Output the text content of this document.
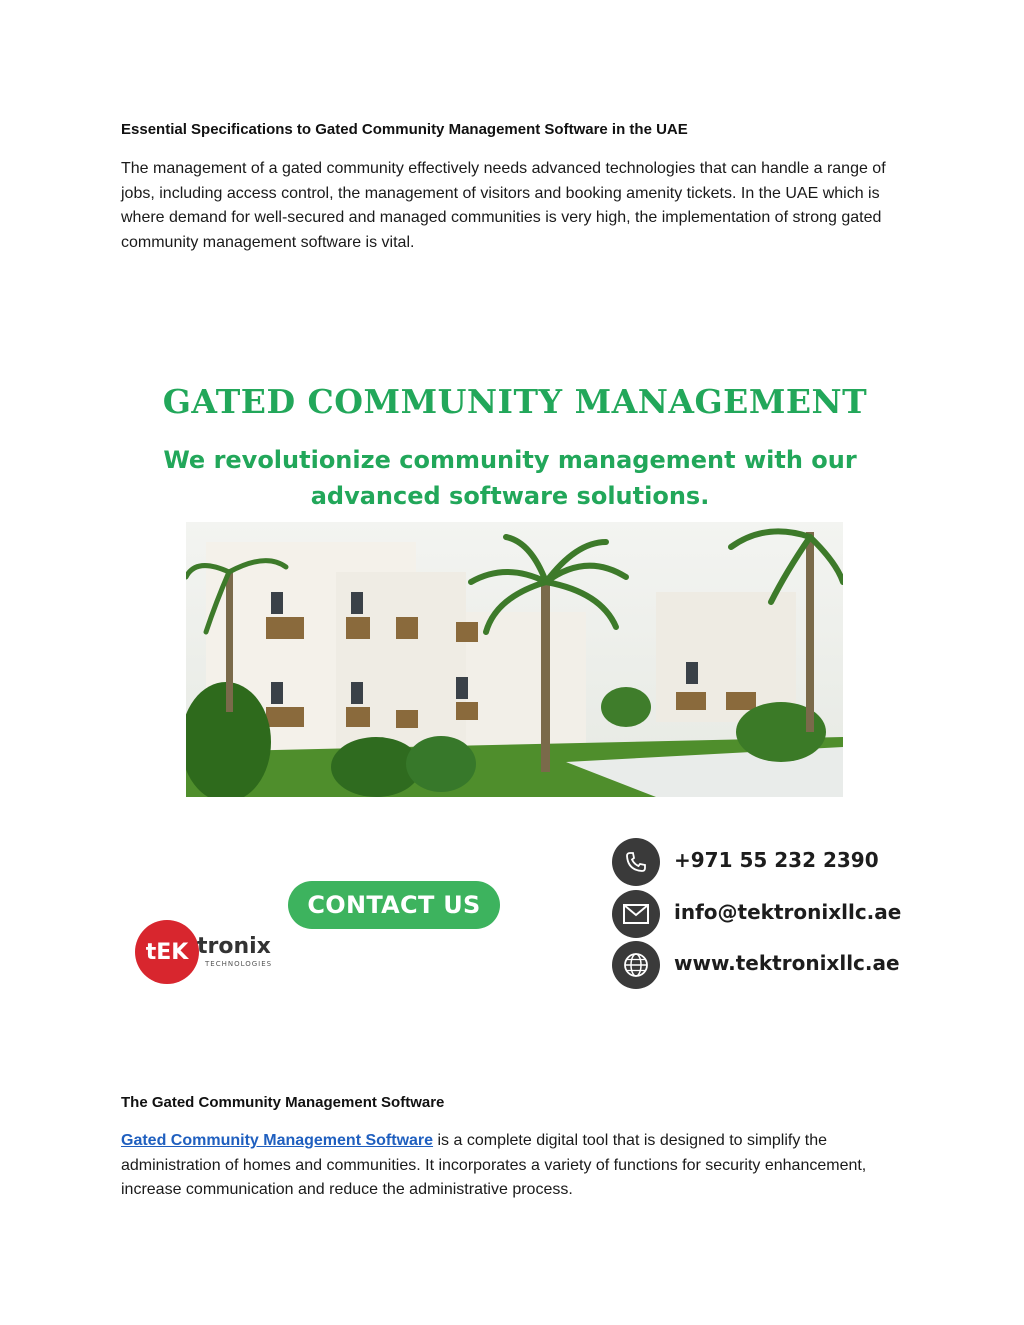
Essential Specifications to Gated Community Management Software in the UAE
The management of a gated community effectively needs advanced technologies that can handle a range of jobs, including access control, the management of visitors and booking amenity tickets. In the UAE which is where demand for well-secured and managed communities is very high, the implementation of strong gated community management software is vital.
GATED COMMUNITY MANAGEMENT
We revolutionize community management with our advanced software solutions.
CONTACT US
tEK tronix
TECHNOLOGIES
+971 55 232 2390
info@tektronixllc.ae
www.tektronixllc.ae
The Gated Community Management Software
Gated Community Management Software is a complete digital tool that is designed to simplify the administration of homes and communities. It incorporates a variety of functions for security enhancement, increase communication and reduce the administrative process.
